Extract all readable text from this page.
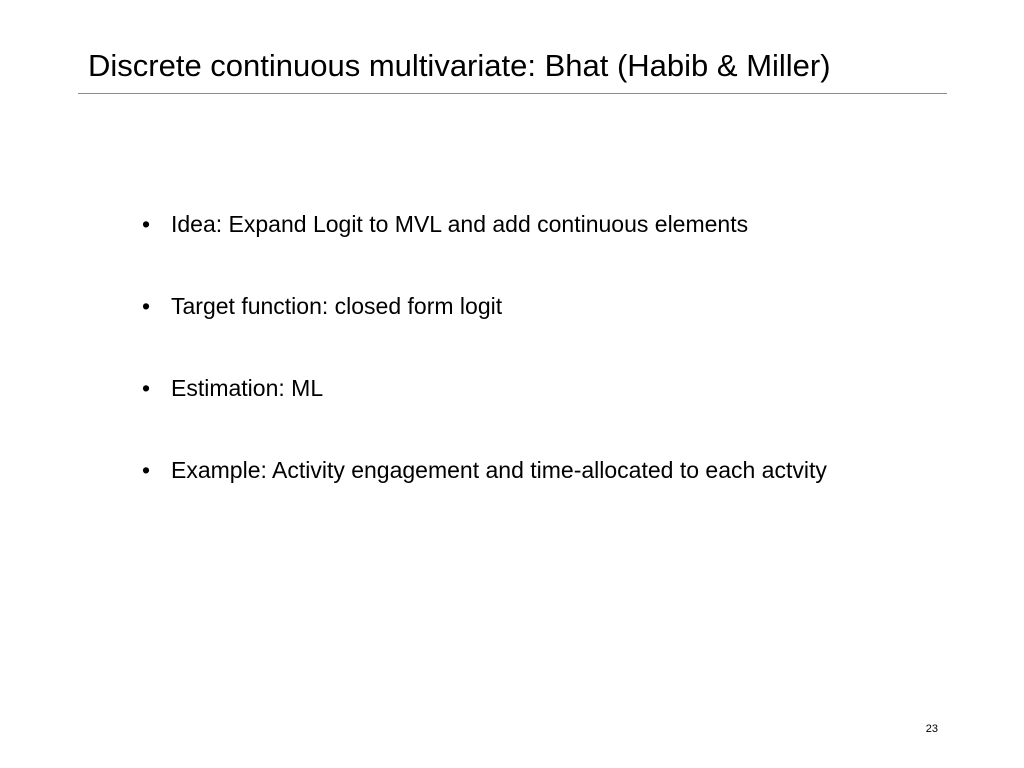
Discrete continuous multivariate: Bhat (Habib & Miller)
• Idea: Expand Logit to MVL and add continuous elements
• Target function: closed form logit
• Estimation: ML
• Example: Activity engagement and time-allocated to each actvity
23
